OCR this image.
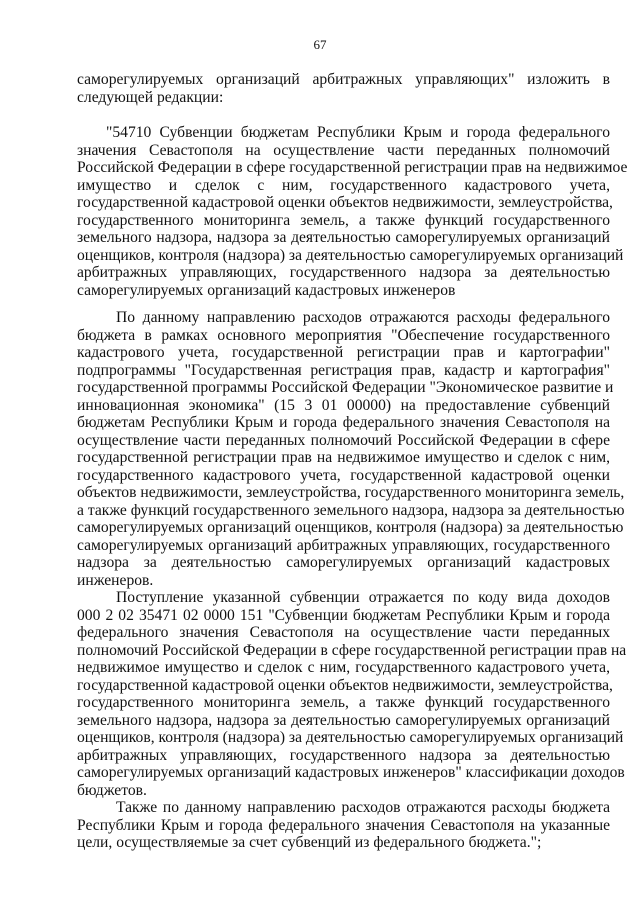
67
саморегулируемых организаций арбитражных управляющих" изложить в
следующей редакции:
"54710 Субвенции бюджетам Республики Крым и города федерального
значения Севастополя на осуществление части переданных полномочий
Российской Федерации в сфере государственной регистрации прав на недвижимое
имущество и сделок с ним, государственного кадастрового учета,
государственной кадастровой оценки объектов недвижимости, землеустройства,
государственного мониторинга земель, а также функций государственного
земельного надзора, надзора за деятельностью саморегулируемых организаций
оценщиков, контроля (надзора) за деятельностью саморегулируемых организаций
арбитражных управляющих, государственного надзора за деятельностью
саморегулируемых организаций кадастровых инженеров
По данному направлению расходов отражаются расходы федерального
бюджета в рамках основного мероприятия "Обеспечение государственного
кадастрового учета, государственной регистрации прав и картографии"
подпрограммы "Государственная регистрация прав, кадастр и картография"
государственной программы Российской Федерации "Экономическое развитие и
инновационная экономика" (15 3 01 00000) на предоставление субвенций
бюджетам Республики Крым и города федерального значения Севастополя на
осуществление части переданных полномочий Российской Федерации в сфере
государственной регистрации прав на недвижимое имущество и сделок с ним,
государственного кадастрового учета, государственной кадастровой оценки
объектов недвижимости, землеустройства, государственного мониторинга земель,
а также функций государственного земельного надзора, надзора за деятельностью
саморегулируемых организаций оценщиков, контроля (надзора) за деятельностью
саморегулируемых организаций арбитражных управляющих, государственного
надзора за деятельностью саморегулируемых организаций кадастровых
инженеров.
Поступление указанной субвенции отражается по коду вида доходов
000 2 02 35471 02 0000 151 "Субвенции бюджетам Республики Крым и города
федерального значения Севастополя на осуществление части переданных
полномочий Российской Федерации в сфере государственной регистрации прав на
недвижимое имущество и сделок с ним, государственного кадастрового учета,
государственной кадастровой оценки объектов недвижимости, землеустройства,
государственного мониторинга земель, а также функций государственного
земельного надзора, надзора за деятельностью саморегулируемых организаций
оценщиков, контроля (надзора) за деятельностью саморегулируемых организаций
арбитражных управляющих, государственного надзора за деятельностью
саморегулируемых организаций кадастровых инженеров" классификации доходов
бюджетов.
Также по данному направлению расходов отражаются расходы бюджета
Республики Крым и города федерального значения Севастополя на указанные
цели, осуществляемые за счет субвенций из федерального бюджета.";
